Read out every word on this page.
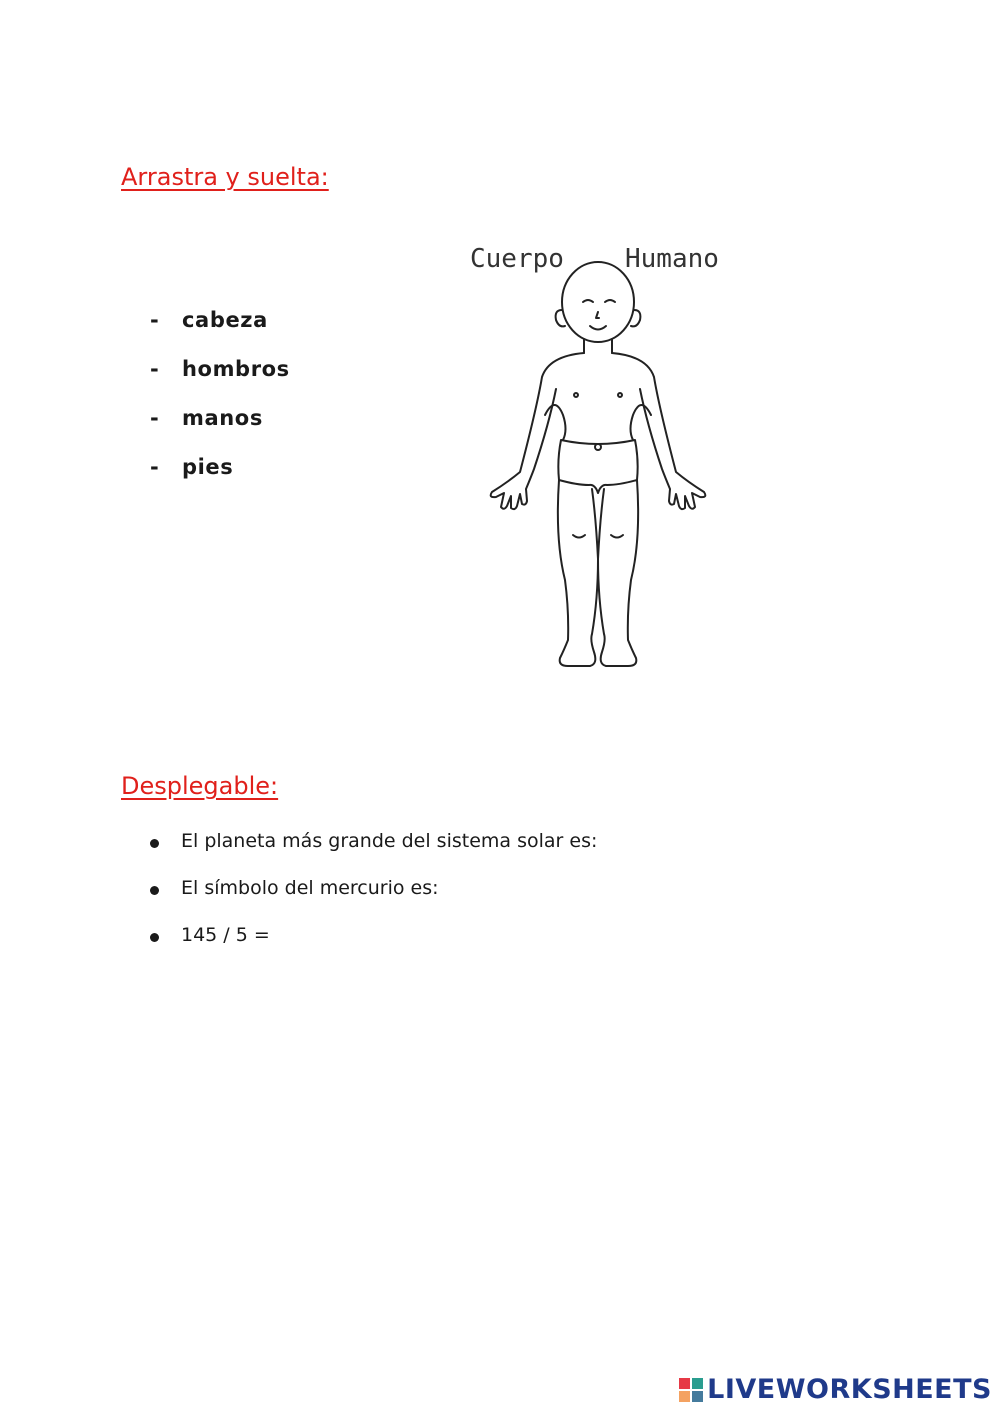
Arrastra y suelta:
-	cabeza
-	hombros
-	manos
-	pies
Cuerpo Humano
Desplegable:
El planeta más grande del sistema solar es:
El símbolo del mercurio es:
145 / 5 =
LIVEWORKSHEETS
